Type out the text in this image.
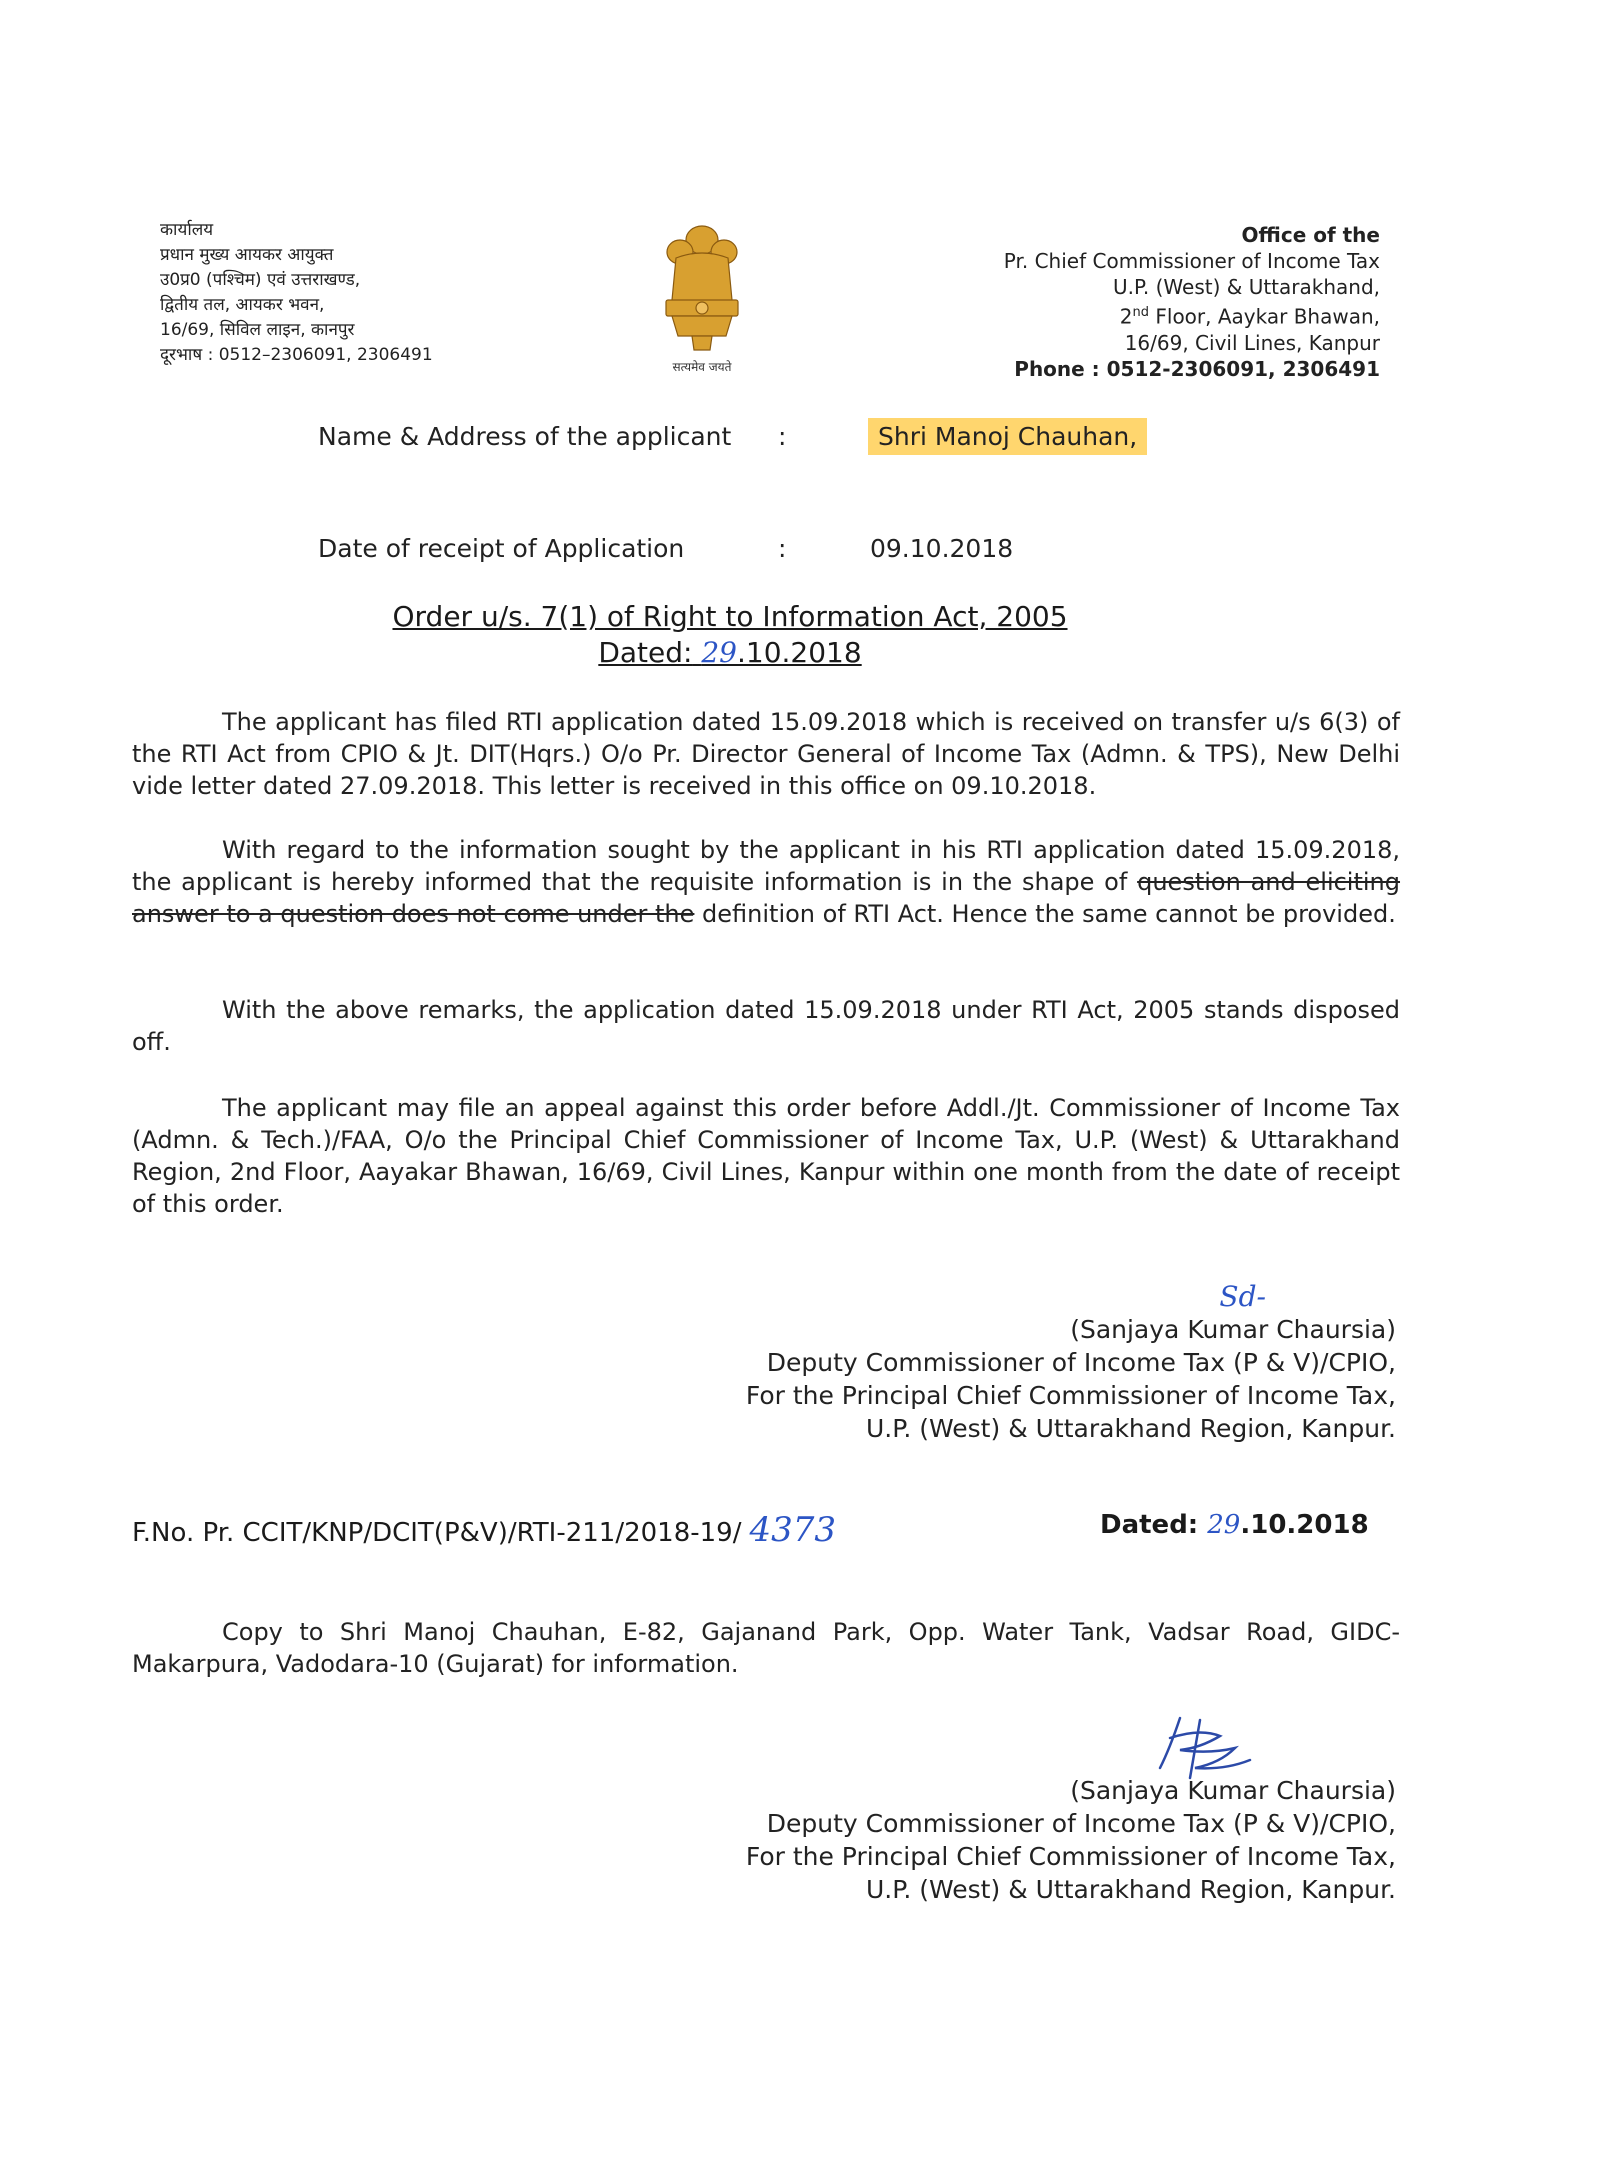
कार्यालय
प्रधान मुख्य आयकर आयुक्त
उ0प्र0 (पश्चिम) एवं उत्तराखण्ड,
द्वितीय तल, आयकर भवन,
16/69, सिविल लाइन, कानपुर
दूरभाष : 0512–2306091, 2306491
सत्यमेव जयते
Office of the
Pr. Chief Commissioner of Income Tax
U.P. (West) & Uttarakhand,
2nd Floor, Aaykar Bhawan,
16/69, Civil Lines, Kanpur
Phone : 0512-2306091, 2306491
Name & Address of the applicant :	Shri Manoj Chauhan,
Date of receipt of Application	:	09.10.2018
Order u/s. 7(1) of Right to Information Act, 2005
Dated: 29.10.2018

The applicant has filed RTI application dated 15.09.2018 which is received on transfer u/s 6(3) of the RTI Act from CPIO & Jt. DIT(Hqrs.) O/o Pr. Director General of Income Tax (Admn. & TPS), New Delhi vide letter dated 27.09.2018. This letter is received in this office on 09.10.2018.

With regard to the information sought by the applicant in his RTI application dated 15.09.2018, the applicant is hereby informed that the requisite information is in the shape of question and eliciting answer to a question does not come under the definition of RTI Act. Hence the same cannot be provided.

With the above remarks, the application dated 15.09.2018 under RTI Act, 2005 stands disposed off.

The applicant may file an appeal against this order before Addl./Jt. Commissioner of Income Tax (Admn. & Tech.)/FAA, O/o the Principal Chief Commissioner of Income Tax, U.P. (West) & Uttarakhand Region, 2nd Floor, Aayakar Bhawan, 16/69, Civil Lines, Kanpur within one month from the date of receipt of this order.

Sd-
(Sanjaya Kumar Chaursia)
Deputy Commissioner of Income Tax (P & V)/CPIO,
For the Principal Chief Commissioner of Income Tax,
U.P. (West) & Uttarakhand Region, Kanpur.
F.No. Pr. CCIT/KNP/DCIT(P&V)/RTI-211/2018-19/ 4373	Dated: 29.10.2018

Copy to Shri Manoj Chauhan, E-82, Gajanand Park, Opp. Water Tank, Vadsar Road, GIDC-Makarpura, Vadodara-10 (Gujarat) for information.

(Sanjaya Kumar Chaursia)
Deputy Commissioner of Income Tax (P & V)/CPIO,
For the Principal Chief Commissioner of Income Tax,
U.P. (West) & Uttarakhand Region, Kanpur.
